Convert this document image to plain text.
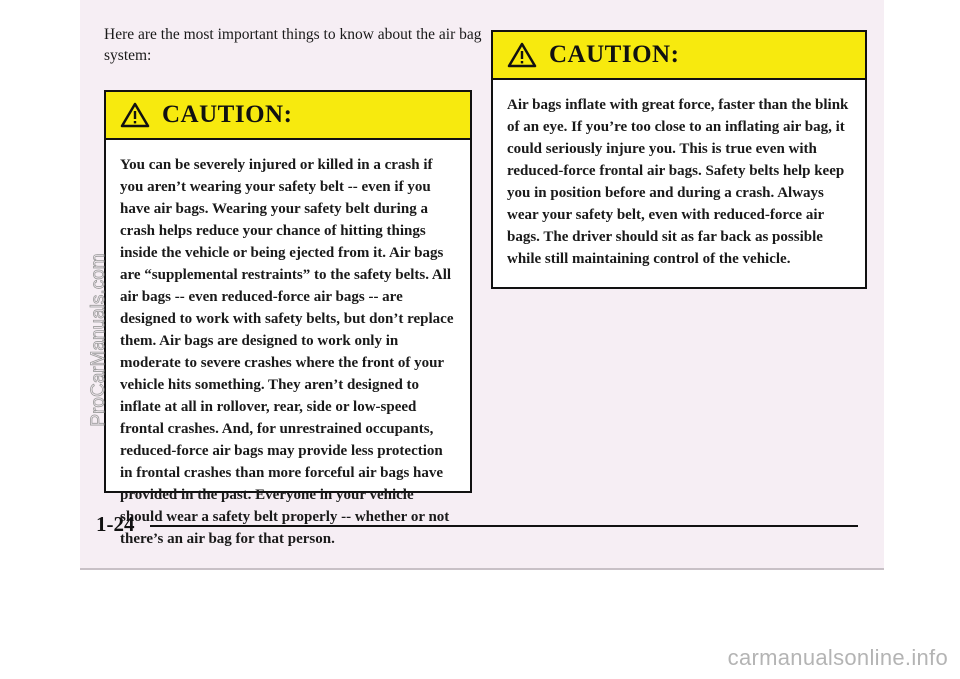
Here are the most important things to know about the air bag system:
CAUTION:
You can be severely injured or killed in a crash if you aren’t wearing your safety belt -- even if you have air bags. Wearing your safety belt during a crash helps reduce your chance of hitting things inside the vehicle or being ejected from it. Air bags are “supplemental restraints” to the safety belts. All air bags -- even reduced-force air bags -- are designed to work with safety belts, but don’t replace them. Air bags are designed to work only in moderate to severe crashes where the front of your vehicle hits something. They aren’t designed to inflate at all in rollover, rear, side or low-speed frontal crashes. And, for unrestrained occupants, reduced-force air bags may provide less protection in frontal crashes than more forceful air bags have provided in the past. Everyone in your vehicle should wear a safety belt properly -- whether or not there’s an air bag for that person.
CAUTION:
Air bags inflate with great force, faster than the blink of an eye. If you’re too close to an inflating air bag, it could seriously injure you. This is true even with reduced-force frontal air bags. Safety belts help keep you in position before and during a crash. Always wear your safety belt, even with reduced-force air bags. The driver should sit as far back as possible while still maintaining control of the vehicle.
1-24
carmanualsonline.info
